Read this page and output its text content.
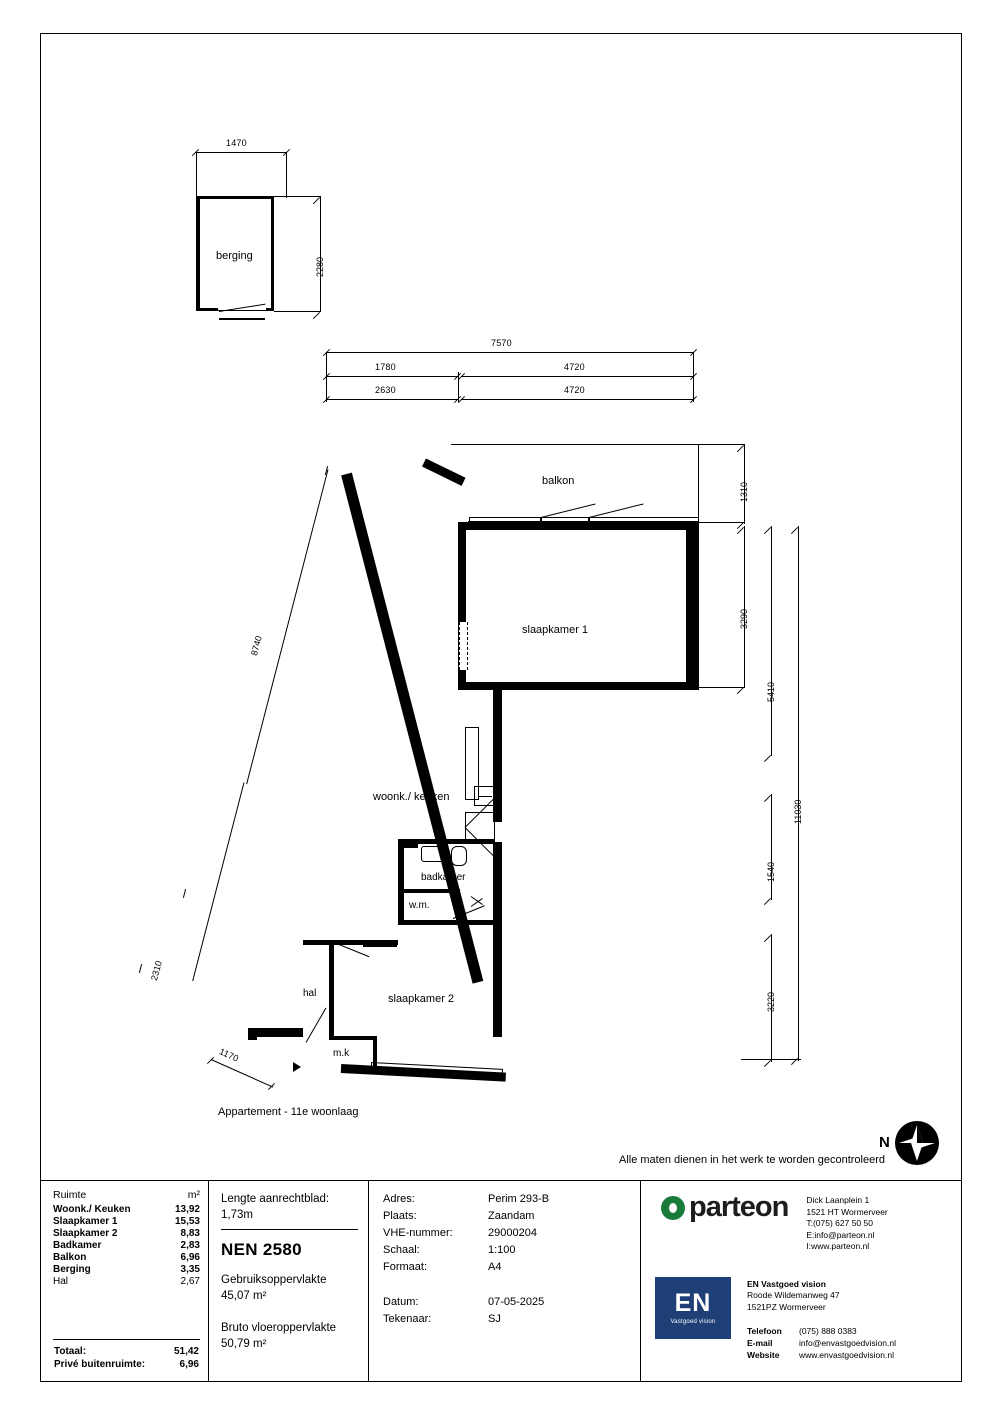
berging
1470
2280
7570
1780	4720
2630	4720
balkon
slaapkamer 1
woonk./ keuken
badkamer
w.m.
hal
m.k
slaapkamer 2
1310
3290
5410
11030
1540
3220
8740
2310
1170
Appartement - 11e woonlaag
Alle maten dienen in het werk te worden gecontroleerd
N
Ruimte	m²
Woonk./ Keuken	13,92
Slaapkamer 1	15,53
Slaapkamer 2	8,83
Badkamer	2,83
Balkon	6,96
Berging	3,35
Hal	2,67
Totaal:	51,42
Privé buitenruimte:	6,96
Lengte aanrechtblad:
1,73m
NEN 2580
Gebruiksoppervlakte
45,07 m²
Bruto vloeroppervlakte
50,79 m²
Adres:	Perim 293-B
Plaats:	Zaandam
VHE-nummer:	29000204
Schaal:	1:100
Formaat:	A4
Datum:	07-05-2025
Tekenaar:	SJ
parteon Dick Laanplein 1
1521 HT Wormerveer
T:(075) 627 50 50
E:info@parteon.nl
I:www.parteon.nl
EN
Vastgoed vision
EN Vastgoed vision
Roode Wildemanweg 47
1521PZ Wormerveer
Telefoon	(075) 888 0383
E-mail	info@envastgoedvision.nl
Website	www.envastgoedvision.nl
